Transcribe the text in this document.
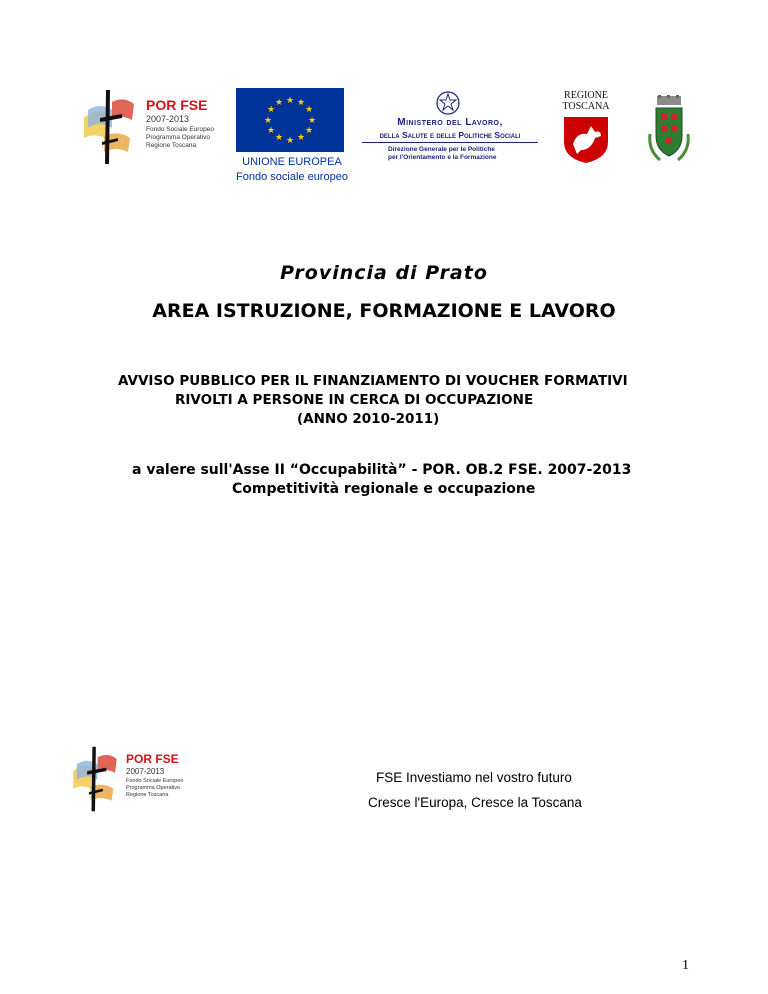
POR FSE
2007-2013
Fondo Sociale Europeo
Programma Operativo
Regione Toscana
★ ★
★
★
★
★
★
★
★
★
★
★
UNIONE EUROPEA
Fondo sociale europeo
Ministero del Lavoro,
della Salute e delle Politiche Sociali
Direzione Generale per le Politiche
per l'Orientamento e la Formazione
REGIONE
TOSCANA
Provincia di Prato
AREA ISTRUZIONE, FORMAZIONE E LAVORO
AVVISO PUBBLICO PER IL FINANZIAMENTO DI VOUCHER FORMATIVI
RIVOLTI A PERSONE IN CERCA DI OCCUPAZIONE
(ANNO 2010-2011)
a valere sull'Asse II “Occupabilità” - POR. OB.2 FSE. 2007-2013
Competitività regionale e occupazione
POR FSE
2007-2013
Fondo Sociale Europeo
Programma Operativo
Regione Toscana
FSE Investiamo nel vostro futuro
Cresce l'Europa, Cresce la Toscana
1
